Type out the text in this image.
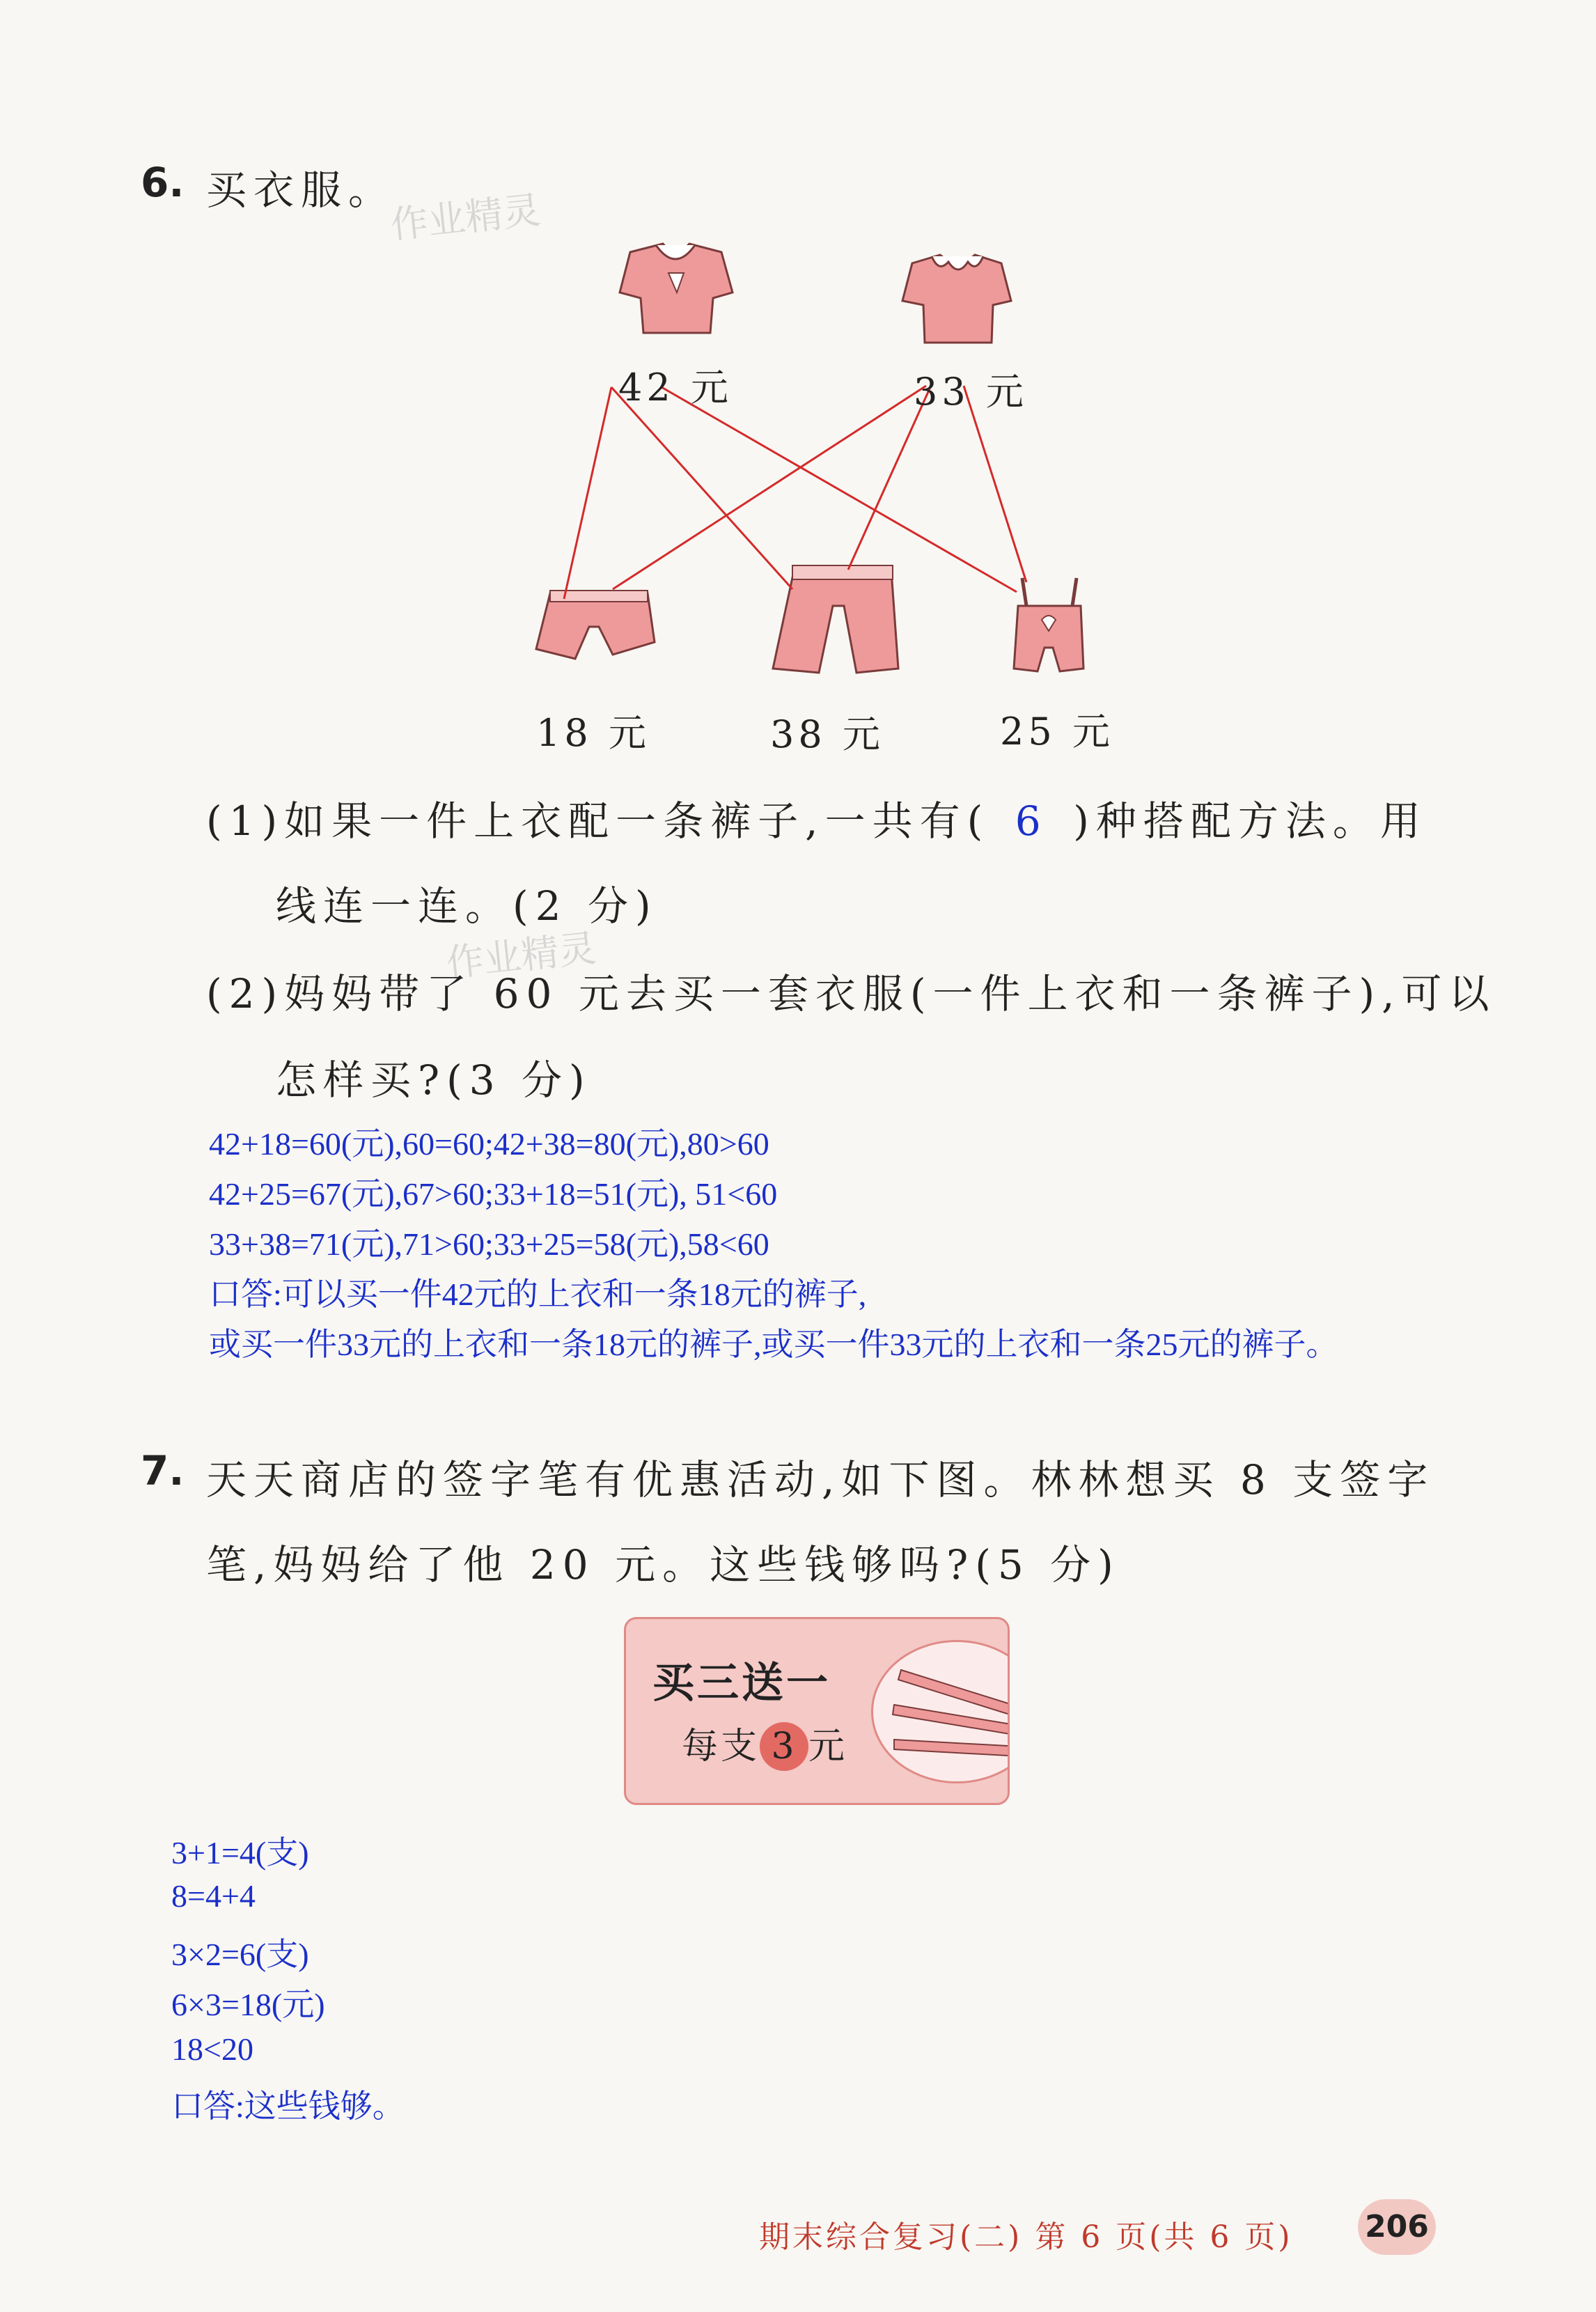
作业精灵
作业精灵
6. 买衣服。
42 元	33 元
18 元	38 元	25 元
(1)如果一件上衣配一条裤子,一共有( 6 )种搭配方法。用
线连一连。(2 分)
(2)妈妈带了 60 元去买一套衣服(一件上衣和一条裤子),可以
怎样买?(3 分)
42+18=60(元),60=60;42+38=80(元),80>60
42+25=67(元),67>60;33+18=51(元), 51<60
33+38=71(元),71>60;33+25=58(元),58<60
口答:可以买一件42元的上衣和一条18元的裤子,
或买一件33元的上衣和一条18元的裤子,或买一件33元的上衣和一条25元的裤子。
7. 天天商店的签字笔有优惠活动,如下图。林林想买 8 支签字
笔,妈妈给了他 20 元。这些钱够吗?(5 分)
买三送一
每支 3 元
3+1=4(支)
8=4+4
3×2=6(支)
6×3=18(元)
18<20
口答:这些钱够。
期末综合复习(二) 第 6 页(共 6 页) 206
